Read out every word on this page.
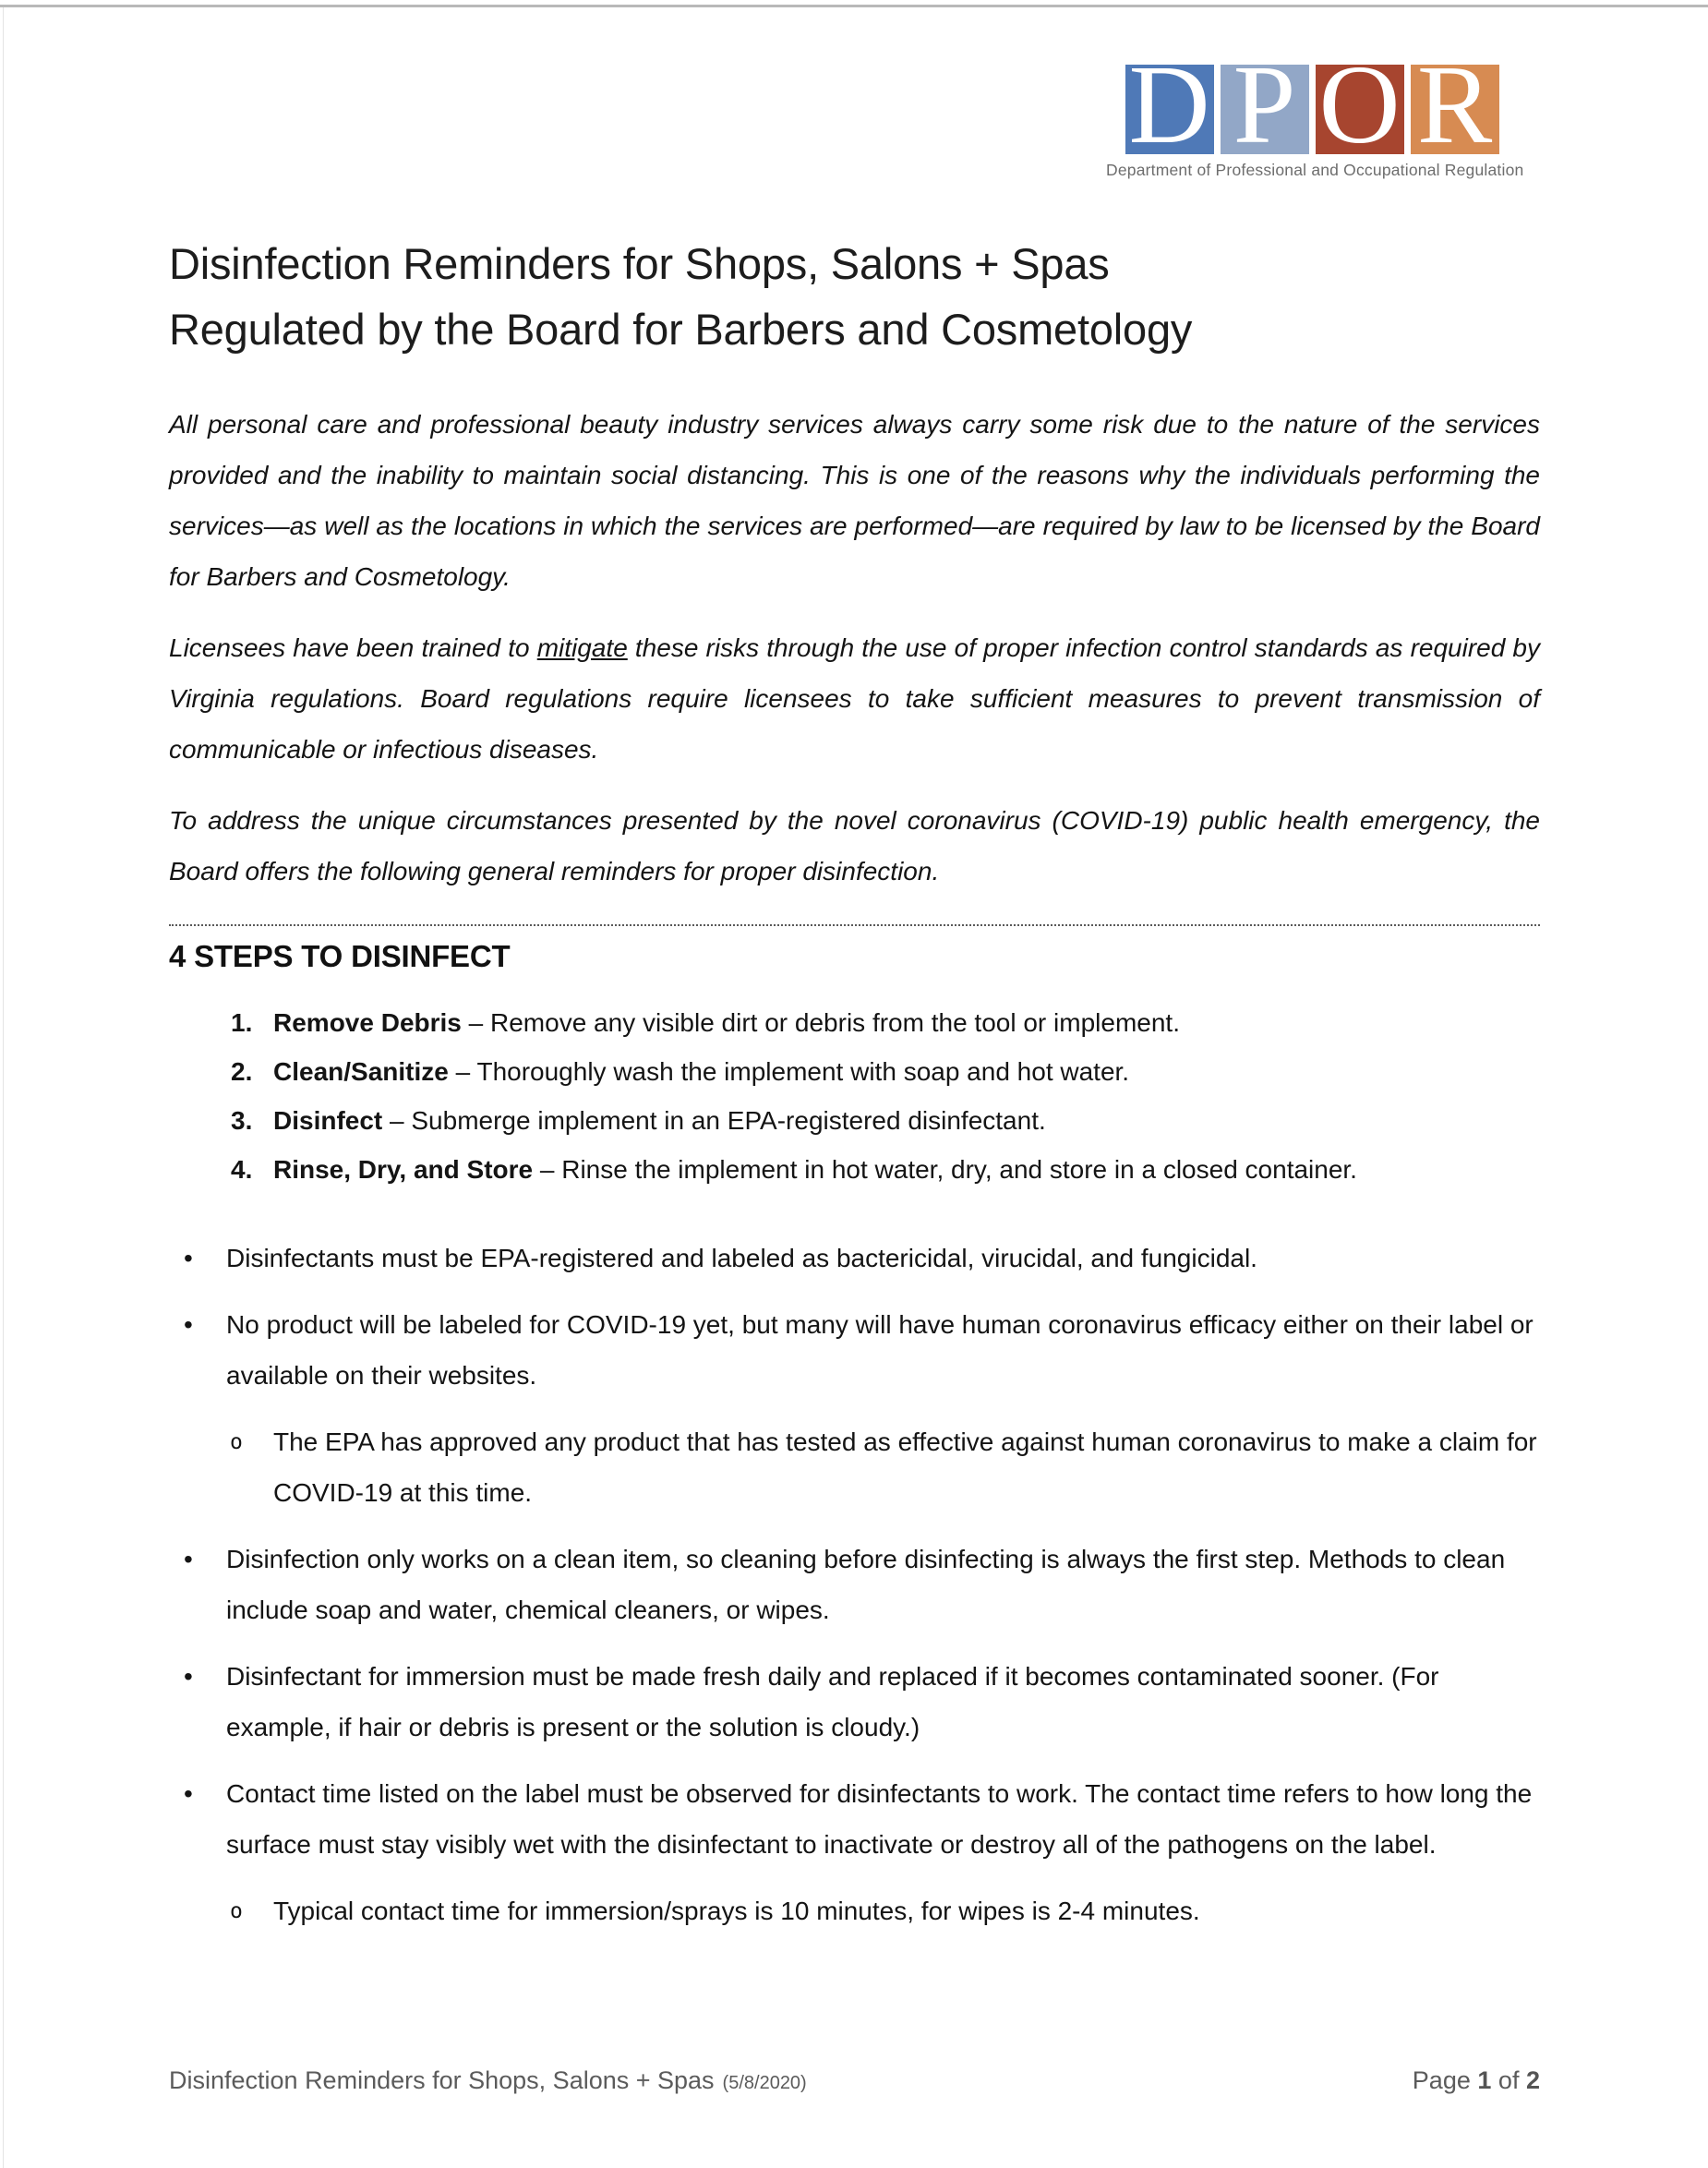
D P O R
Department of Professional and Occupational Regulation
Disinfection Reminders for Shops, Salons + Spas
Regulated by the Board for Barbers and Cosmetology

All personal care and professional beauty industry services always carry some risk due to the nature of the services provided and the inability to maintain social distancing. This is one of the reasons why the individuals performing the services—as well as the locations in which the services are performed—are required by law to be licensed by the Board for Barbers and Cosmetology.

Licensees have been trained to mitigate these risks through the use of proper infection control standards as required by Virginia regulations. Board regulations require licensees to take sufficient measures to prevent transmission of communicable or infectious diseases.

To address the unique circumstances presented by the novel coronavirus (COVID-19) public health emergency, the Board offers the following general reminders for proper disinfection.

4 STEPS TO DISINFECT
1. Remove Debris – Remove any visible dirt or debris from the tool or implement.
2. Clean/Sanitize – Thoroughly wash the implement with soap and hot water.
3. Disinfect – Submerge implement in an EPA-registered disinfectant.
4. Rinse, Dry, and Store – Rinse the implement in hot water, dry, and store in a closed container.
• Disinfectants must be EPA-registered and labeled as bactericidal, virucidal, and fungicidal.
• No product will be labeled for COVID-19 yet, but many will have human coronavirus efficacy either on their label or available on their websites.
o The EPA has approved any product that has tested as effective against human coronavirus to make a claim for COVID-19 at this time.
• Disinfection only works on a clean item, so cleaning before disinfecting is always the first step. Methods to clean include soap and water, chemical cleaners, or wipes.
• Disinfectant for immersion must be made fresh daily and replaced if it becomes contaminated sooner. (For example, if hair or debris is present or the solution is cloudy.)
• Contact time listed on the label must be observed for disinfectants to work. The contact time refers to how long the surface must stay visibly wet with the disinfectant to inactivate or destroy all of the pathogens on the label.
o Typical contact time for immersion/sprays is 10 minutes, for wipes is 2-4 minutes.
Disinfection Reminders for Shops, Salons + Spas (5/8/2020)	Page 1 of 2
